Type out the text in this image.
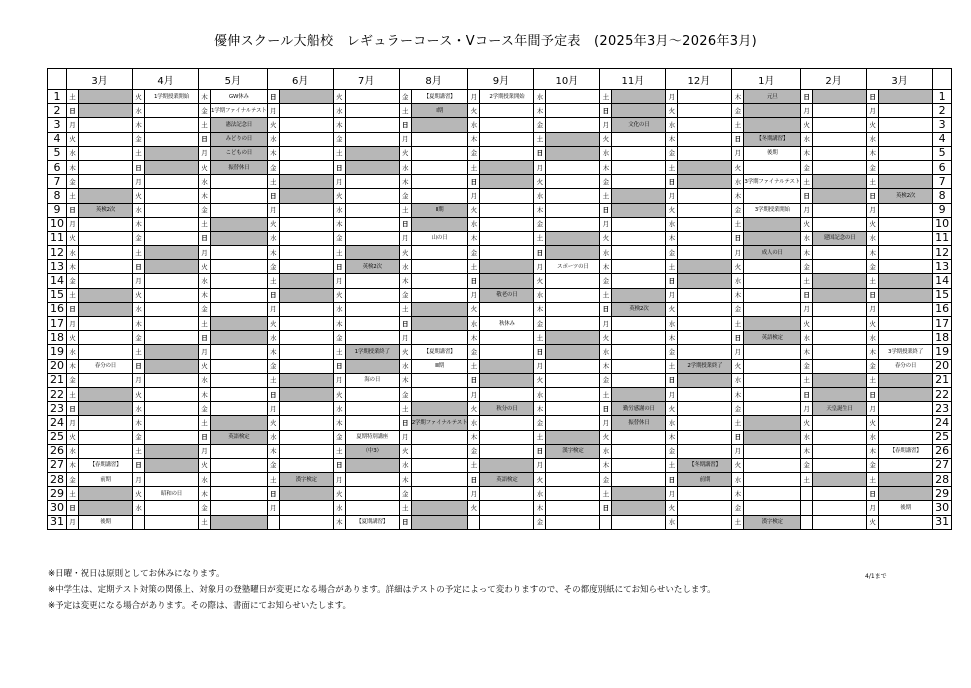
優伸スクール大船校　レギュラーコース・Vコース年間予定表　(2025年3月～2026年3月)
	3月		4月		5月		6月		7月		8月		9月		10月		11月		12月		1月		2月		3月		
1	土		火	1学期授業開始	木	GW休み	日		火		金	【夏期講習】	月	2学期授業開始	水		土		月		木	元旦	日		日		1
2	日		水		金	1学期ファイナルテスト	月		水		土	Ⅰ期	火		木		日		火		金		月		月		2
3	月		木		土	憲法記念日	火		木		日		水		金		月	文化の日	水		土		火		火		3
4	火		金		日	みどりの日	水		金		月		木		土		火		木		日	【冬期講習】	水		水		4
5	水		土		月	こどもの日	木		土		火		金		日		水		金		月	後期	木		木		5
6	木		日		火	振替休日	金		日		水		土		月		木		土		火		金		金		6
7	金		月		水		土		月		木		日		火		金		日		水	3学期ファイナルテスト	土		土		7
8	土		火		木		日		火		金		月		水		土		月		木		日		日	英検2次	8
9	日	英検2次	水		金		月		水		土	Ⅱ期	火		木		日		火		金	3学期授業開始	月		月		9
10	月		木		土		火		木		日		水		金		月		水		土		火		火		10
11	火		金		日		水		金		月	山の日	木		土		火		木		日		水	建国記念の日	水		11
12	水		土		月		木		土		火		金		日		水		金		月	成人の日	木		木		12
13	木		日		火		金		日	英検2次	水		土		月	スポーツの日	木		土		火		金		金		13
14	金		月		水		土		月		木		日		火		金		日		水		土		土		14
15	土		火		木		日		火		金		月	敬老の日	水		土		月		木		日		日		15
16	日		水		金		月		水		土		火		木		日	英検2次	火		金		月		月		16
17	月		木		土		火		木		日		水	秋休み	金		月		水		土		火		火		17
18	火		金		日		水		金		月		木		土		火		木		日	英語検定	水		水		18
19	水		土		月		木		土	1学期授業終了	火	【夏期講習】	金		日		水		金		月		木		木	3学期授業終了	19
20	木	春分の日	日		火		金		日		水	Ⅲ期	土		月		木		土	2学期授業終了	火		金		金	春分の日	20
21	金		月		水		土		月	海の日	木		日		火		金		日		水		土		土		21
22	土		火		木		日		火		金		月		水		土		月		木		日		日		22
23	日		水		金		月		水		土		火	秋分の日	木		日	勤労感謝の日	火		金		月	天皇誕生日	月		23
24	月		木		土		火		木		日	2学期ファイナルテスト	水		金		月	振替休日	水		土		火		火		24
25	火		金		日	英語検定	水		金	夏期特別講座	月		木		土		火		木		日		水		水		25
26	水		土		月		木		土	（中3）	火		金		日	漢字検定	水		金		月		木		木	【春期講習】	26
27	木	【春期講習】	日		火		金		日		水		土		月		木		土	【冬期講習】	火		金		金		27
28	金	前期	月		水		土	漢字検定	月		木		日	英語検定	火		金		日	前期	水		土		土		28
29	土		火	昭和の日	木		日		火		金		月		水		土		月		木				日		29
30	日		水		金		月		水		土		火		木		日		火		金				月	後期	30
31	月	後期			土				木	【夏期講習】	日				金				水		土	漢字検定			火		31
※日曜・祝日は原則としてお休みになります。
※中学生は、定期テスト対策の関係上、対象月の登塾曜日が変更になる場合があります。詳細はテストの予定によって変わりますので、その都度別紙にてお知らせいたします。
※予定は変更になる場合があります。その際は、書面にてお知らせいたします。
4/1まで
